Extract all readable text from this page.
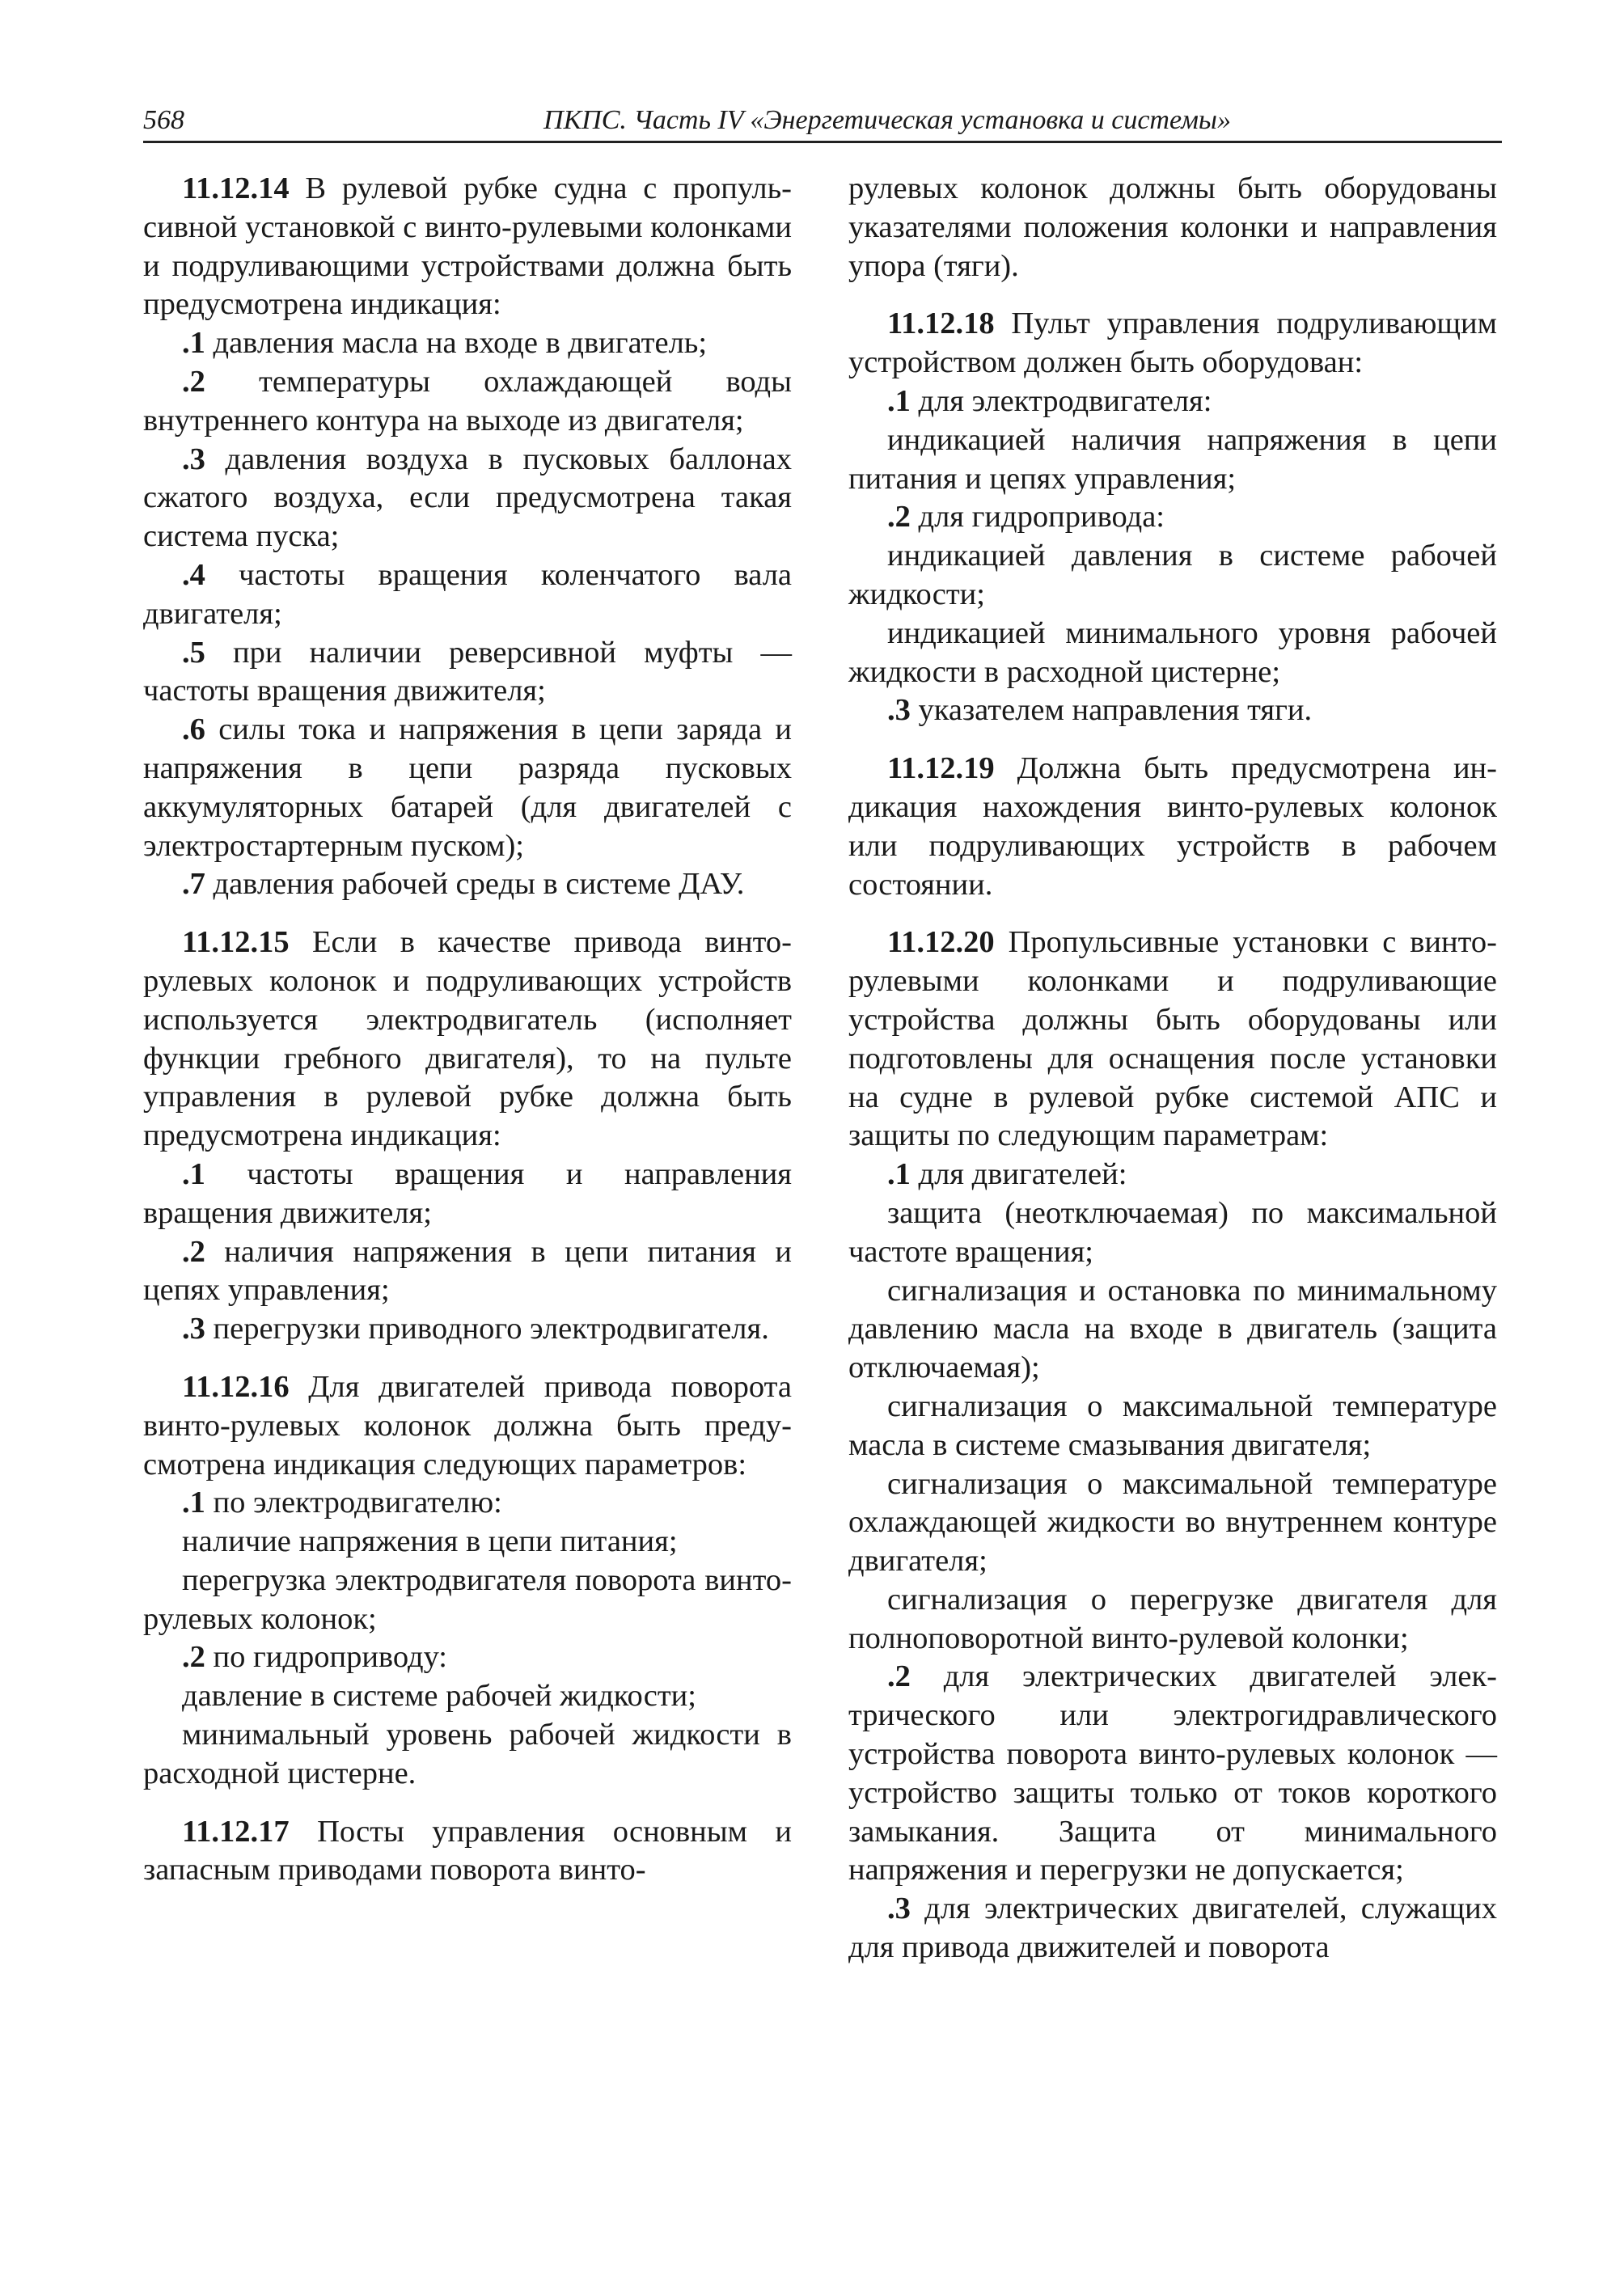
568	ПКПС. Часть IV «Энергетическая установка и системы»

11.12.14 В рулевой рубке судна с пропульсивной установкой с винто-рулевыми колонками и подруливающими устройствами должна быть предусмотрена индикация:

.1 давления масла на входе в двигатель;

.2 температуры охлаждающей воды внутреннего контура на выходе из двигателя;

.3 давления воздуха в пусковых баллонах сжатого воздуха, если предусмотрена такая система пуска;

.4 частоты вращения коленчатого вала двигателя;

.5 при наличии реверсивной муфты — частоты вращения движителя;

.6 силы тока и напряжения в цепи заряда и напряжения в цепи разряда пусковых аккумуляторных батарей (для двигателей с электростартерным пуском);

.7 давления рабочей среды в системе ДАУ.

11.12.15 Если в качестве привода винторулевых колонок и подруливающих устройств используется электродвигатель (исполняет функции гребного двигателя), то на пульте управления в рулевой рубке должна быть предусмотрена индикация:

.1 частоты вращения и направления вращения движителя;

.2 наличия напряжения в цепи питания и цепях управления;

.3 перегрузки приводного электродвигателя.

11.12.16 Для двигателей привода поворота винто-рулевых колонок должна быть предусмотрена индикация следующих параметров:

.1 по электродвигателю:

наличие напряжения в цепи питания;

перегрузка электродвигателя поворота винто-рулевых колонок;

.2 по гидроприводу:

давление в системе рабочей жидкости;

минимальный уровень рабочей жидкости в расходной цистерне.

11.12.17 Посты управления основным и запасным приводами поворота винто-

рулевых колонок должны быть оборудованы указателями положения колонки и направления упора (тяги).

11.12.18 Пульт управления подруливающим устройством должен быть оборудован:

.1 для электродвигателя:

индикацией наличия напряжения в цепи питания и цепях управления;

.2 для гидропривода:

индикацией давления в системе рабочей жидкости;

индикацией минимального уровня рабочей жидкости в расходной цистерне;

.3 указателем направления тяги.

11.12.19 Должна быть предусмотрена индикация нахождения винто-рулевых колонок или подруливающих устройств в рабочем состоянии.

11.12.20 Пропульсивные установки с винто-рулевыми колонками и подруливающие устройства должны быть оборудованы или подготовлены для оснащения после установки на судне в рулевой рубке системой АПС и защиты по следующим параметрам:

.1 для двигателей:

защита (неотключаемая) по максимальной частоте вращения;

сигнализация и остановка по минимальному давлению масла на входе в двигатель (защита отключаемая);

сигнализация о максимальной температуре масла в системе смазывания двигателя;

сигнализация о максимальной температуре охлаждающей жидкости во внутреннем контуре двигателя;

сигнализация о перегрузке двигателя для полноповоротной винто-рулевой колонки;

.2 для электрических двигателей электрического или электрогидравлического устройства поворота винто-рулевых колонок — устройство защиты только от токов короткого замыкания. Защита от минимального напряжения и перегрузки не допускается;

.3 для электрических двигателей, служащих для привода движителей и поворота
